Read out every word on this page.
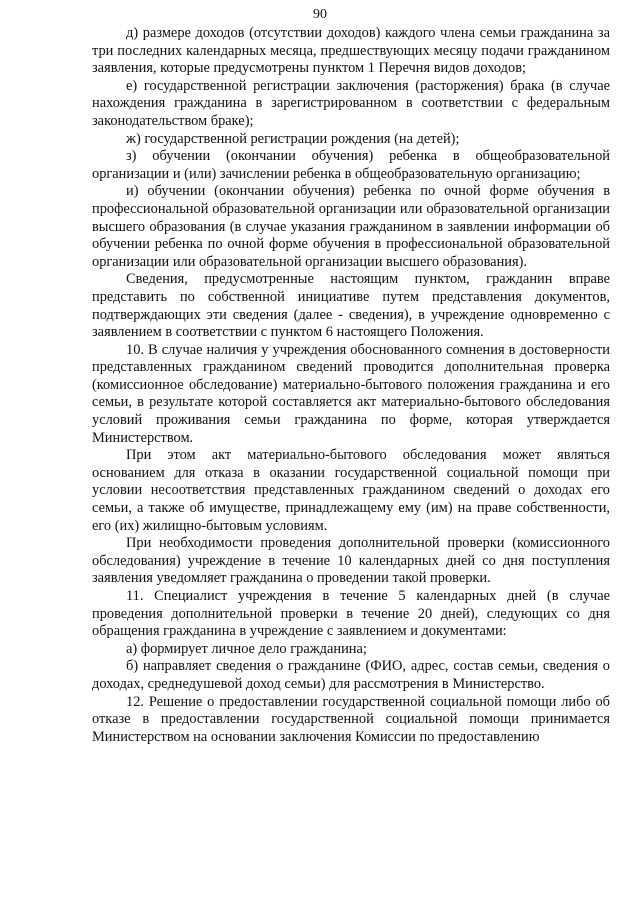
90

д) размере доходов (отсутствии доходов) каждого члена семьи гражданина за три последних календарных месяца, предшествующих месяцу подачи гражданином заявления, которые предусмотрены пунктом 1 Перечня видов доходов;

е) государственной регистрации заключения (расторжения) брака (в случае нахождения гражданина в зарегистрированном в соответствии с федеральным законодательством браке);

ж) государственной регистрации рождения (на детей);

з) обучении (окончании обучения) ребенка в общеобразовательной организации и (или) зачислении ребенка в общеобразовательную организацию;

и) обучении (окончании обучения) ребенка по очной форме обучения в профессиональной образовательной организации или образовательной организации высшего образования (в случае указания гражданином в заявлении информации об обучении ребенка по очной форме обучения в профессиональной образовательной организации или образовательной организации высшего образования).

Сведения, предусмотренные настоящим пунктом, гражданин вправе представить по собственной инициативе путем представления документов, подтверждающих эти сведения (далее - сведения), в учреждение одновременно с заявлением в соответствии с пунктом 6 настоящего Положения.

10. В случае наличия у учреждения обоснованного сомнения в достоверности представленных гражданином сведений проводится дополнительная проверка (комиссионное обследование) материально-бытового положения гражданина и его семьи, в результате которой составляется акт материально-бытового обследования условий проживания семьи гражданина по форме, которая утверждается Министерством.

При этом акт материально-бытового обследования может являться основанием для отказа в оказании государственной социальной помощи при условии несоответствия представленных гражданином сведений о доходах его семьи, а также об имуществе, принадлежащему ему (им) на праве собственности, его (их) жилищно-бытовым условиям.

При необходимости проведения дополнительной проверки (комиссионного обследования) учреждение в течение 10 календарных дней со дня поступления заявления уведомляет гражданина о проведении такой проверки.

11. Специалист учреждения в течение 5 календарных дней (в случае проведения дополнительной проверки в течение 20 дней), следующих со дня обращения гражданина в учреждение с заявлением и документами:

а) формирует личное дело гражданина;

б) направляет сведения о гражданине (ФИО, адрес, состав семьи, сведения о доходах, среднедушевой доход семьи) для рассмотрения в Министерство.

12. Решение о предоставлении государственной социальной помощи либо об отказе в предоставлении государственной социальной помощи принимается Министерством на основании заключения Комиссии по предоставлению
